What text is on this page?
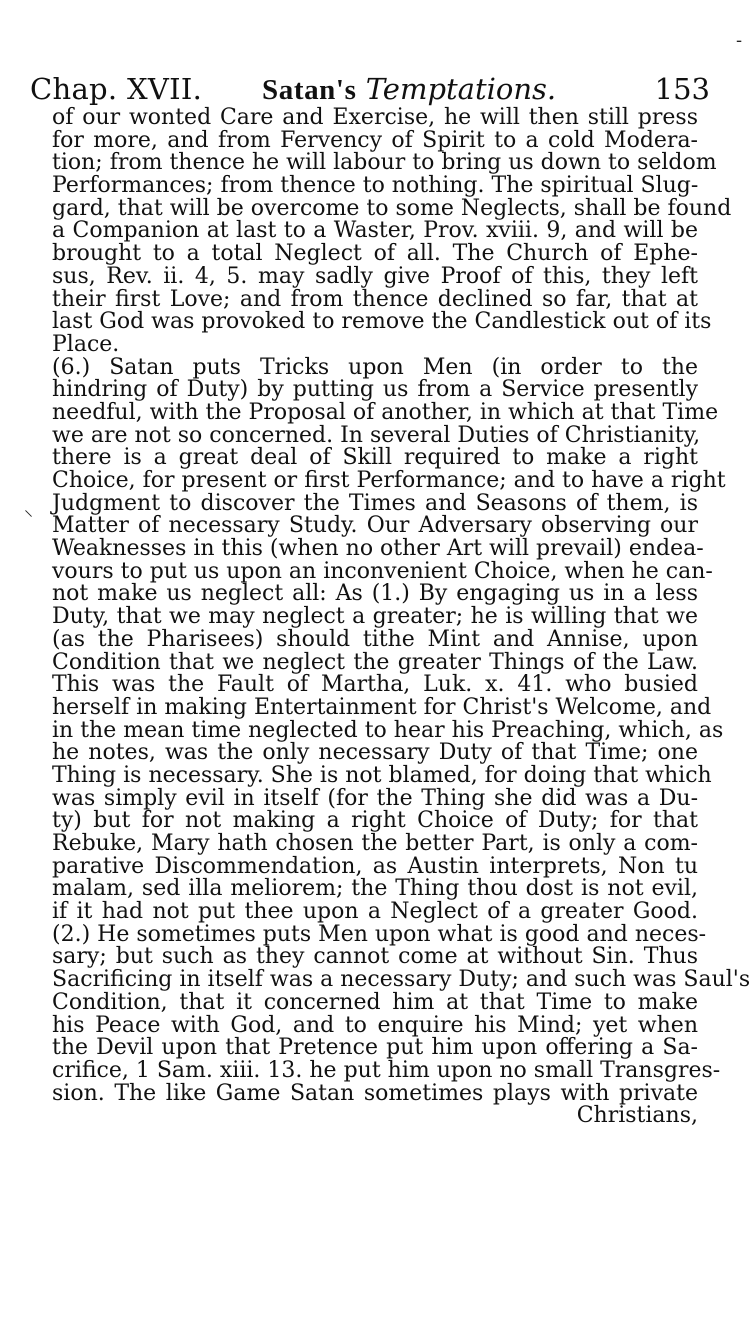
Chap. XVII. Satan's Temptations.	153
of our wonted Care and Exercise, he will then still press
for more, and from Fervency of Spirit to a cold Modera-
tion; from thence he will labour to bring us down to seldom
Performances; from thence to nothing. The spiritual Slug-
gard, that will be overcome to some Neglects, shall be found
a Companion at last to a Waster, Prov. xviii. 9, and will be
brought to a total Neglect of all. The Church of Ephe-
sus, Rev. ii. 4, 5. may sadly give Proof of this, they left
their first Love; and from thence declined so far, that at
last God was provoked to remove the Candlestick out of its
Place.
(6.) Satan puts Tricks upon Men (in order to the
hindring of Duty) by putting us from a Service presently
needful, with the Proposal of another, in which at that Time
we are not so concerned. In several Duties of Christianity,
there is a great deal of Skill required to make a right
Choice, for present or first Performance; and to have a right
Judgment to discover the Times and Seasons of them, is
Matter of necessary Study. Our Adversary observing our
Weaknesses in this (when no other Art will prevail) endea-
vours to put us upon an inconvenient Choice, when he can-
not make us neglect all: As (1.) By engaging us in a less
Duty, that we may neglect a greater; he is willing that we
(as the Pharisees) should tithe Mint and Annise, upon
Condition that we neglect the greater Things of the Law.
This was the Fault of Martha, Luk. x. 41. who busied
herself in making Entertainment for Christ's Welcome, and
in the mean time neglected to hear his Preaching, which, as
he notes, was the only necessary Duty of that Time; one
Thing is necessary. She is not blamed, for doing that which
was simply evil in itself (for the Thing she did was a Du-
ty) but for not making a right Choice of Duty; for that
Rebuke, Mary hath chosen the better Part, is only a com-
parative Discommendation, as Austin interprets, Non tu
malam, sed illa meliorem; the Thing thou dost is not evil,
if it had not put thee upon a Neglect of a greater Good.
(2.) He sometimes puts Men upon what is good and neces-
sary; but such as they cannot come at without Sin. Thus
Sacrificing in itself was a necessary Duty; and such was Saul's
Condition, that it concerned him at that Time to make
his Peace with God, and to enquire his Mind; yet when
the Devil upon that Pretence put him upon offering a Sa-
crifice, 1 Sam. xiii. 13. he put him upon no small Transgres-
sion. The like Game Satan sometimes plays with private
Christians,
⸌
-
